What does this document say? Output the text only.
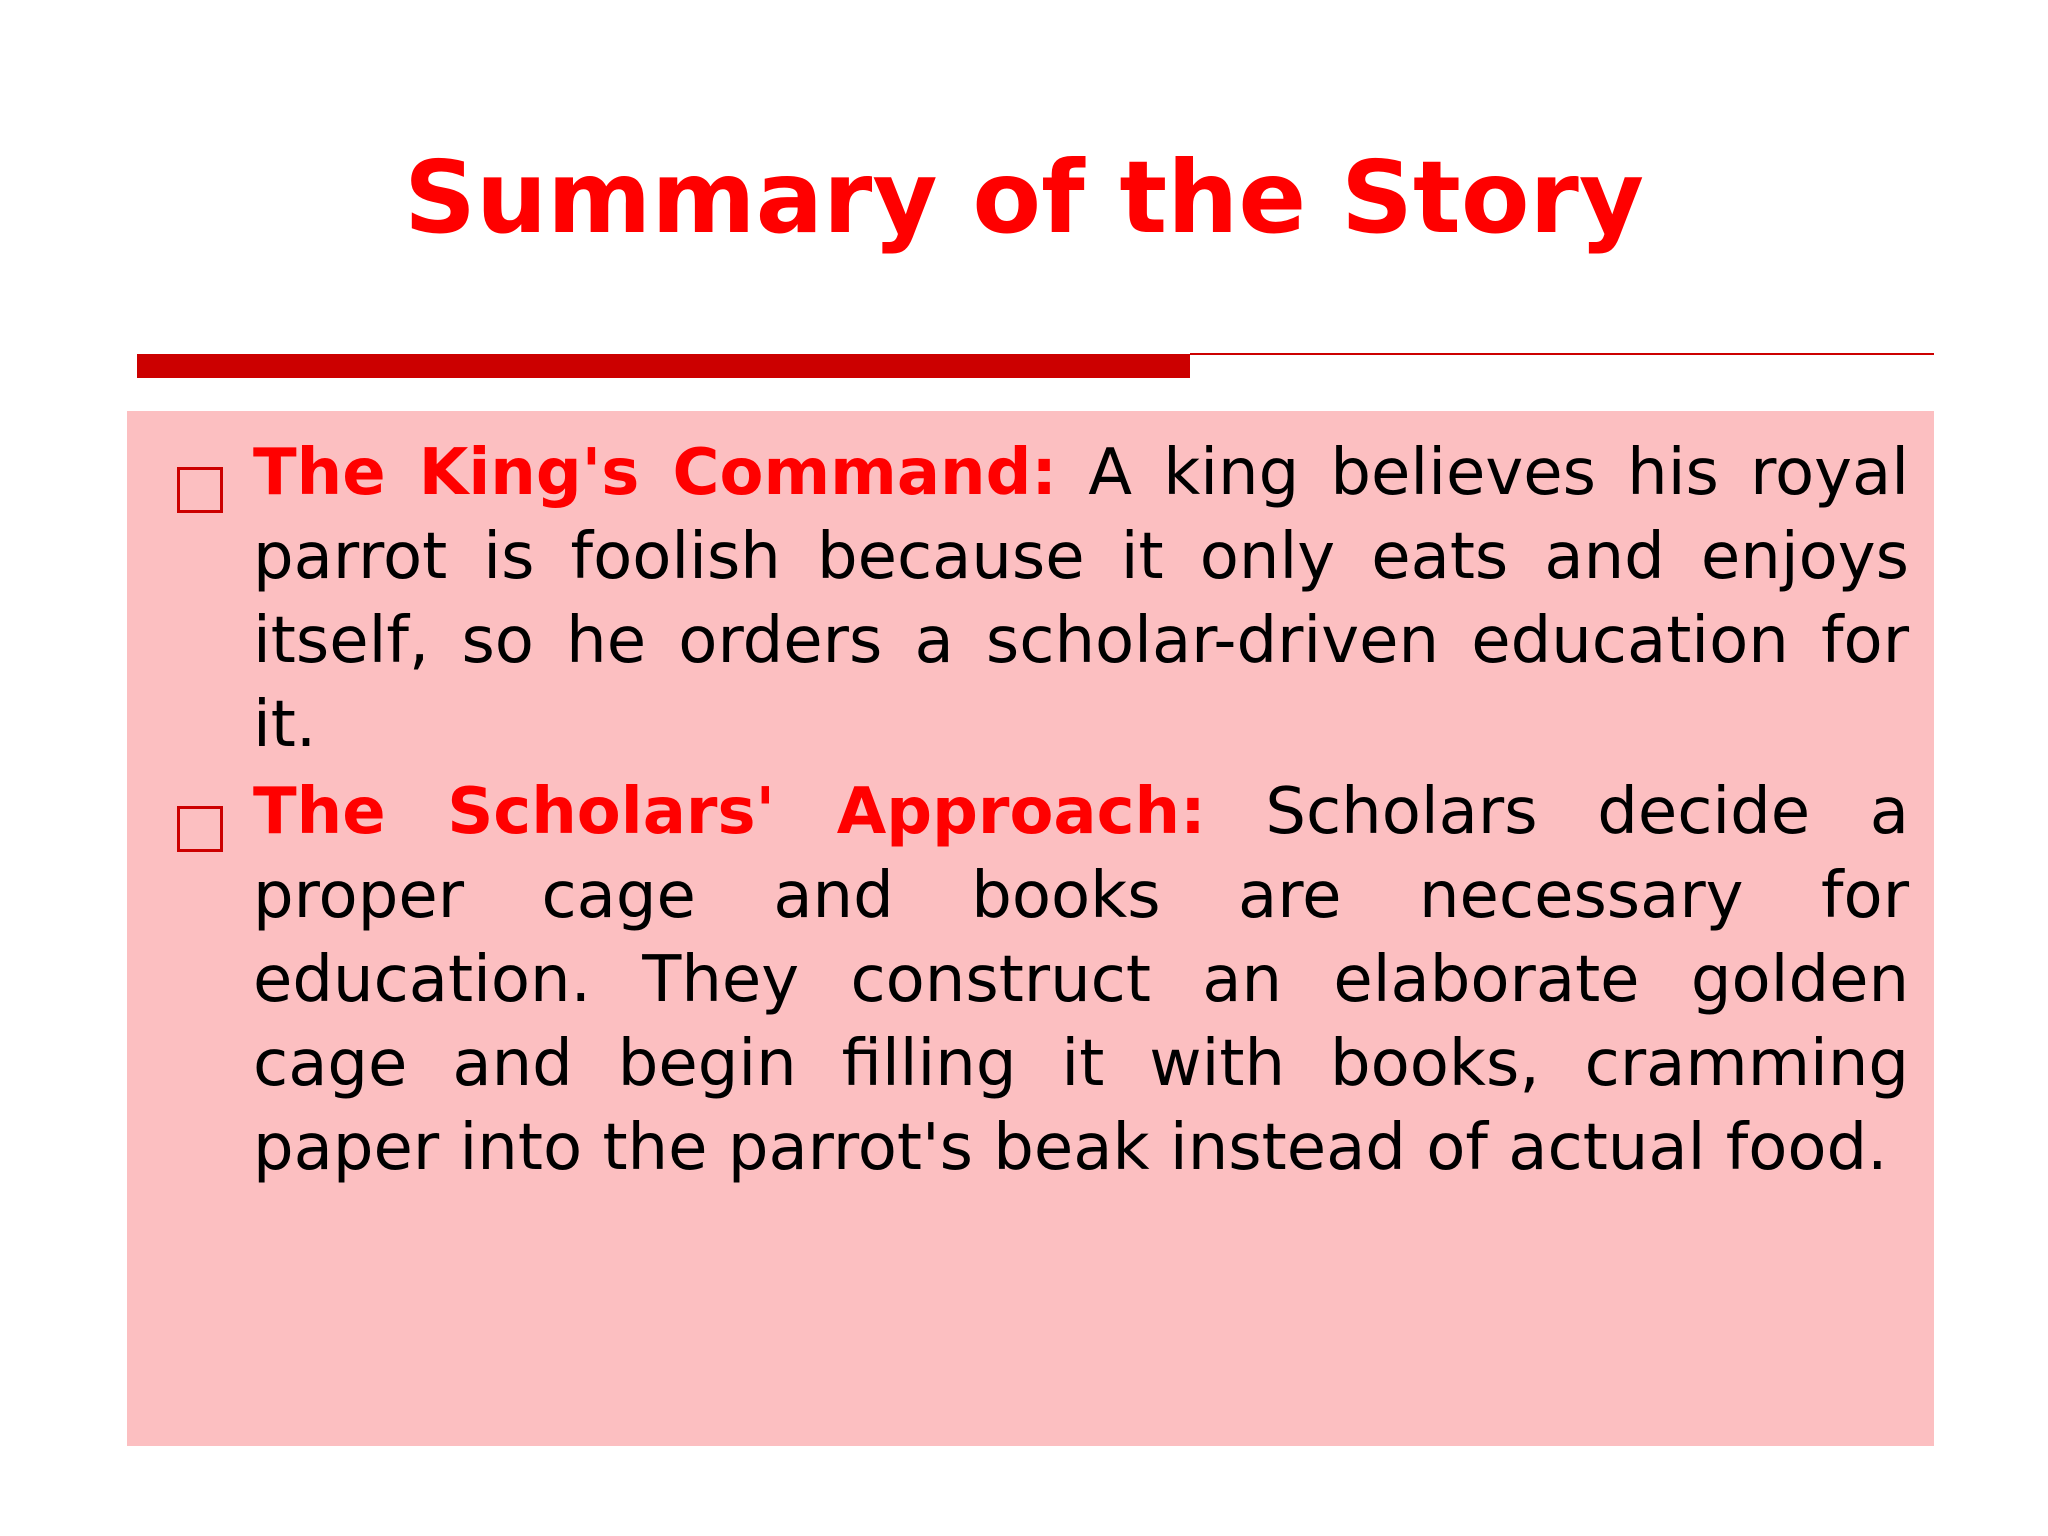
Summary of the Story

The King's Command: A king believes his royal parrot is foolish because it only eats and enjoys itself, so he orders a scholar-driven education for it.

The Scholars' Approach: Scholars decide a proper cage and books are necessary for education. They construct an elaborate golden cage and begin filling it with books, cramming paper into the parrot's beak instead of actual food.
